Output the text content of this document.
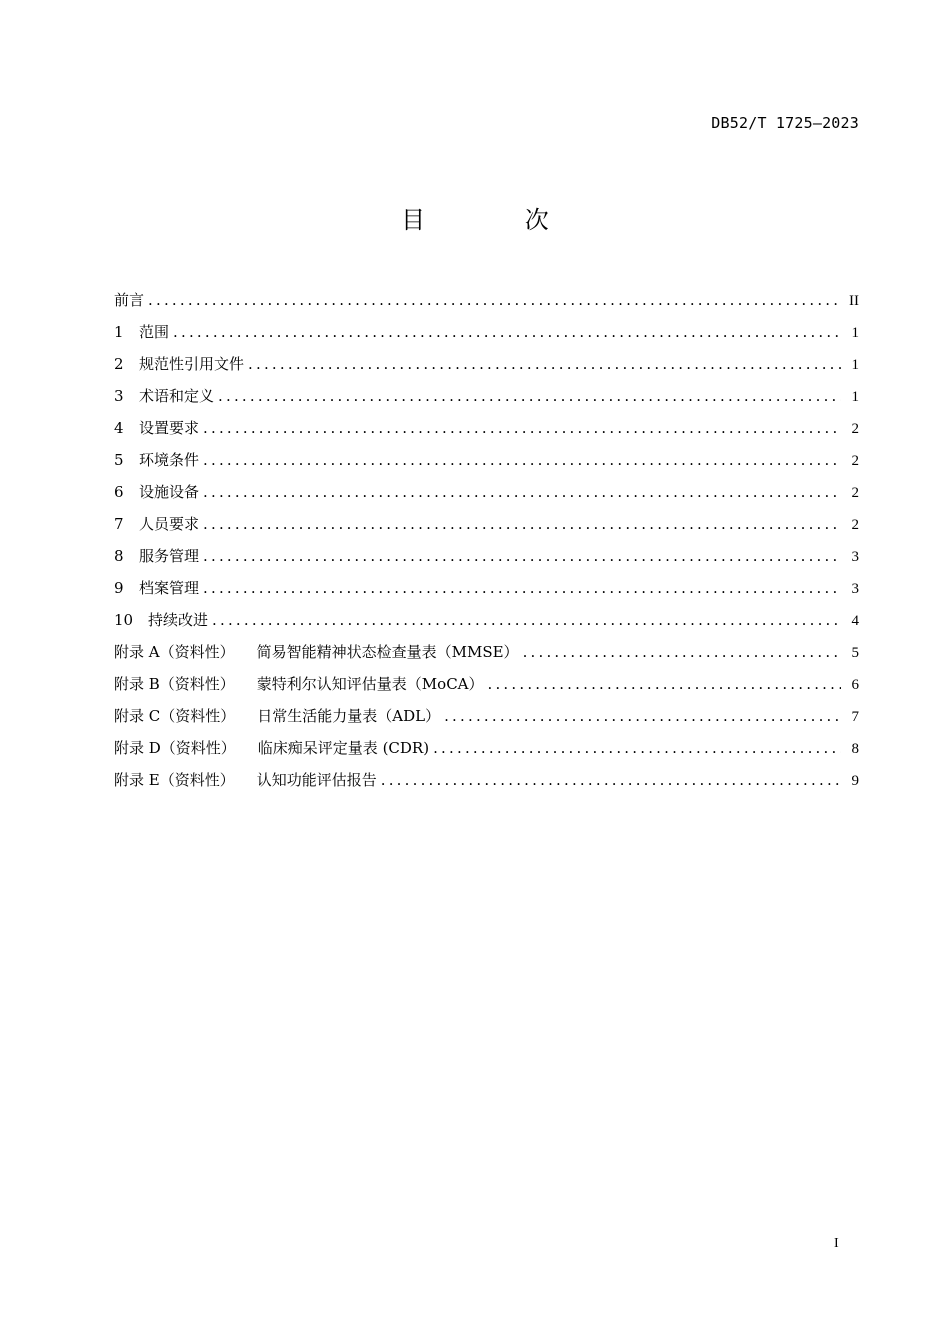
DB52/T 1725—2023
目 次
前言 .....	II
1 范围 .....	1
2 规范性引用文件 .....	1
3 术语和定义 .....	1
4 设置要求 .....	2
5 环境条件 .....	2
6 设施设备 .....	2
7 人员要求 .....	2
8 服务管理 .....	3
9 档案管理 .....	3
10 持续改进 .....	4
附录 A（资料性） 简易智能精神状态检查量表（MMSE） .....	5
附录 B（资料性） 蒙特利尔认知评估量表（MoCA） .....	6
附录 C（资料性） 日常生活能力量表（ADL） .....	7
附录 D（资料性） 临床痴呆评定量表 (CDR) .....	8
附录 E（资料性） 认知功能评估报告 .....	9
I
